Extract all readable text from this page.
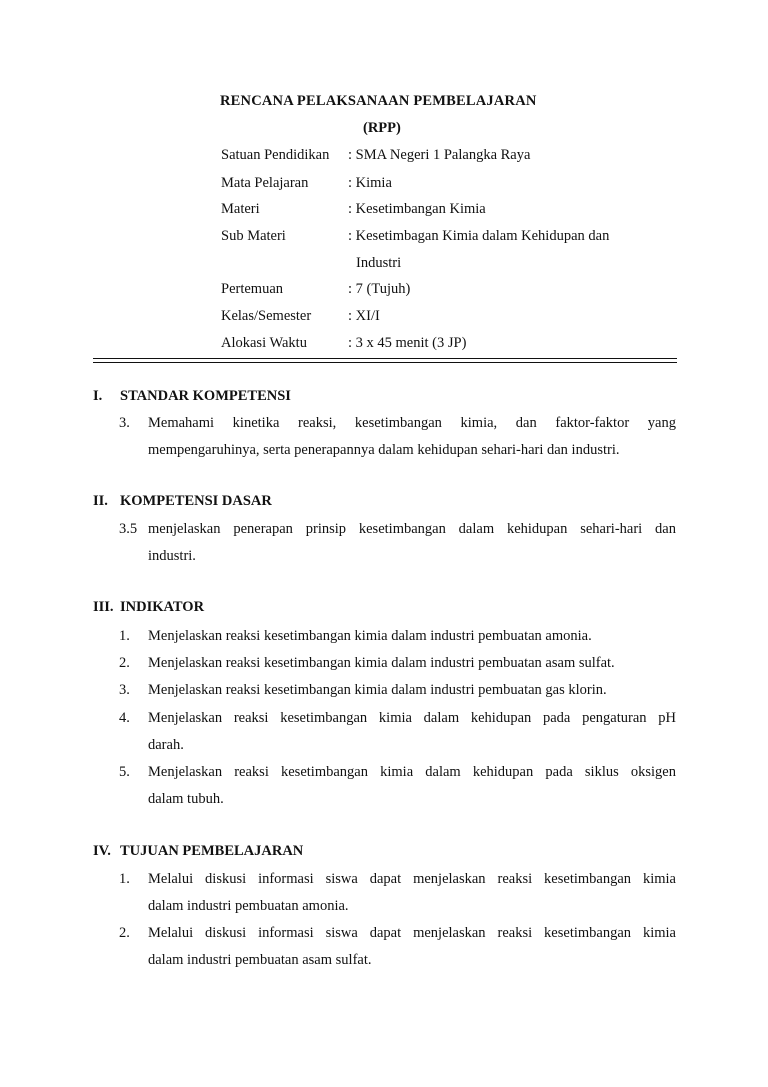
RENCANA PELAKSANAAN PEMBELAJARAN
(RPP)
Satuan Pendidikan : SMA Negeri 1 Palangka Raya
Mata Pelajaran	: Kimia
Materi	: Kesetimbangan Kimia
Sub Materi	: Kesetimbagan Kimia dalam Kehidupan dan
Industri
Pertemuan	: 7 (Tujuh)
Kelas/Semester	: XI/I
Alokasi Waktu	: 3 x 45 menit (3 JP)
I. STANDAR KOMPETENSI
3. Memahami kinetika reaksi, kesetimbangan kimia, dan faktor-faktor yang
mempengaruhinya, serta penerapannya dalam kehidupan sehari-hari dan industri.
II. KOMPETENSI DASAR
3.5 menjelaskan penerapan prinsip kesetimbangan dalam kehidupan sehari-hari dan
industri.
III. INDIKATOR
1. Menjelaskan reaksi kesetimbangan kimia dalam industri pembuatan amonia.
2. Menjelaskan reaksi kesetimbangan kimia dalam industri pembuatan asam sulfat.
3. Menjelaskan reaksi kesetimbangan kimia dalam industri pembuatan gas klorin.
4. Menjelaskan reaksi kesetimbangan kimia dalam kehidupan pada pengaturan pH
darah.
5. Menjelaskan reaksi kesetimbangan kimia dalam kehidupan pada siklus oksigen
dalam tubuh.
IV. TUJUAN PEMBELAJARAN
1. Melalui diskusi informasi siswa dapat menjelaskan reaksi kesetimbangan kimia
dalam industri pembuatan amonia.
2. Melalui diskusi informasi siswa dapat menjelaskan reaksi kesetimbangan kimia
dalam industri pembuatan asam sulfat.
